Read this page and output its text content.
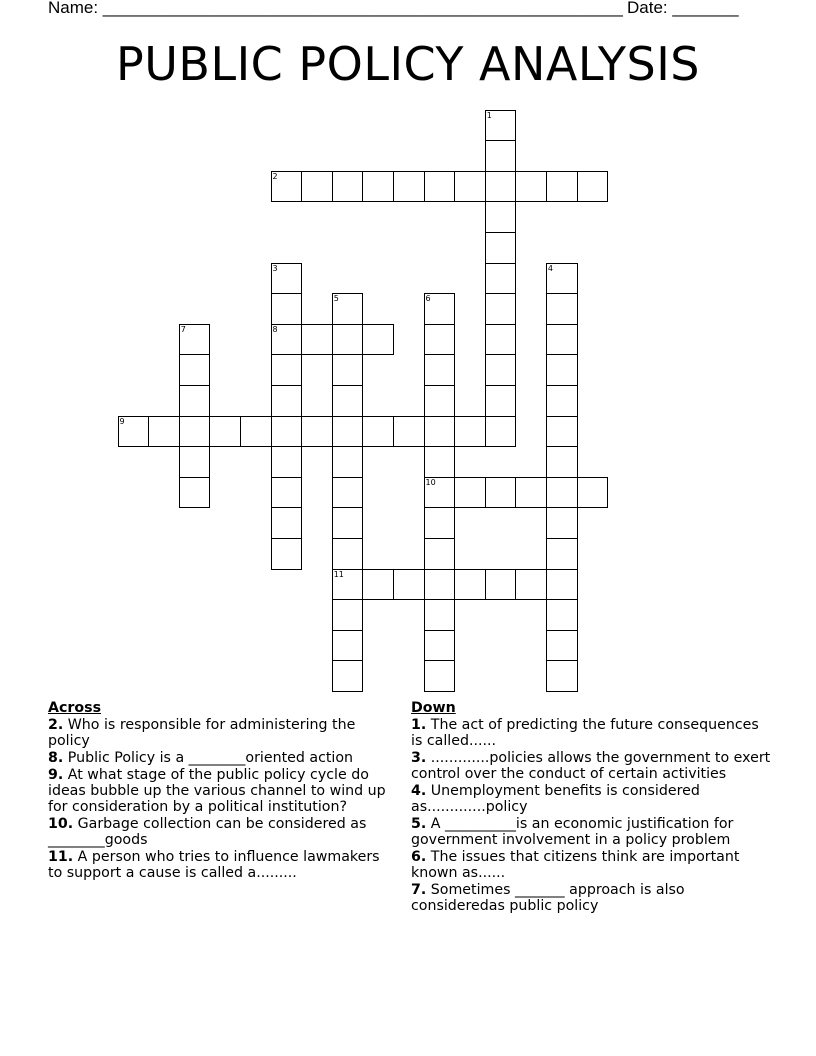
Name: _______________________________________________________ Date: _______
PUBLIC POLICY ANALYSIS
1
2
3
8
4
5
11
6
10
7
9
Across
2. Who is responsible for administering the policy
8. Public Policy is a ________oriented action
9. At what stage of the public policy cycle do ideas bubble up the various channel to wind up for consideration by a political institution?
10. Garbage collection can be considered as ________goods
11. A person who tries to influence lawmakers to support a cause is called a.........
Down
1. The act of predicting the future consequences is called......
3. .............policies allows the government to exert control over the conduct of certain activities
4. Unemployment benefits is considered as.............policy
5. A __________is an economic justification for government involvement in a policy problem
6. The issues that citizens think are important known as......
7. Sometimes _______ approach is also consideredas public policy
